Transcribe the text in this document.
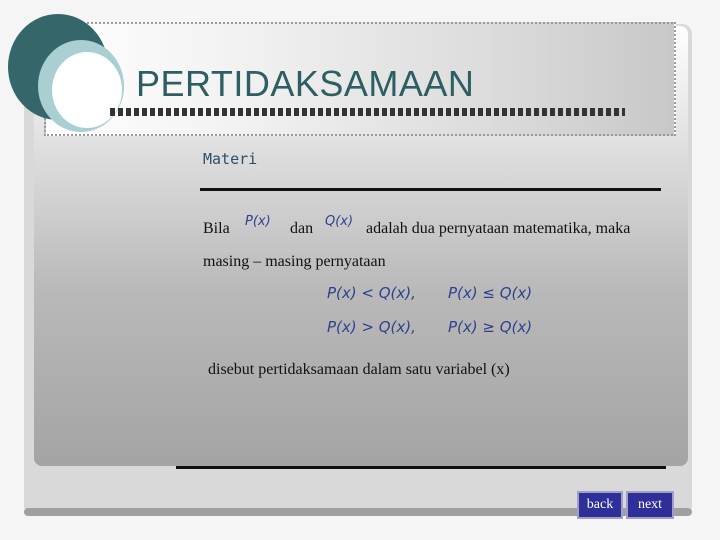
PERTIDAKSAMAAN
Materi
Bila P(x) dan Q(x) adalah dua pernyataan matematika, maka
masing – masing pernyataan
P(x) < Q(x), P(x) ≤ Q(x)
P(x) > Q(x), P(x) ≥ Q(x)
disebut pertidaksamaan dalam satu variabel (x)
back	next
